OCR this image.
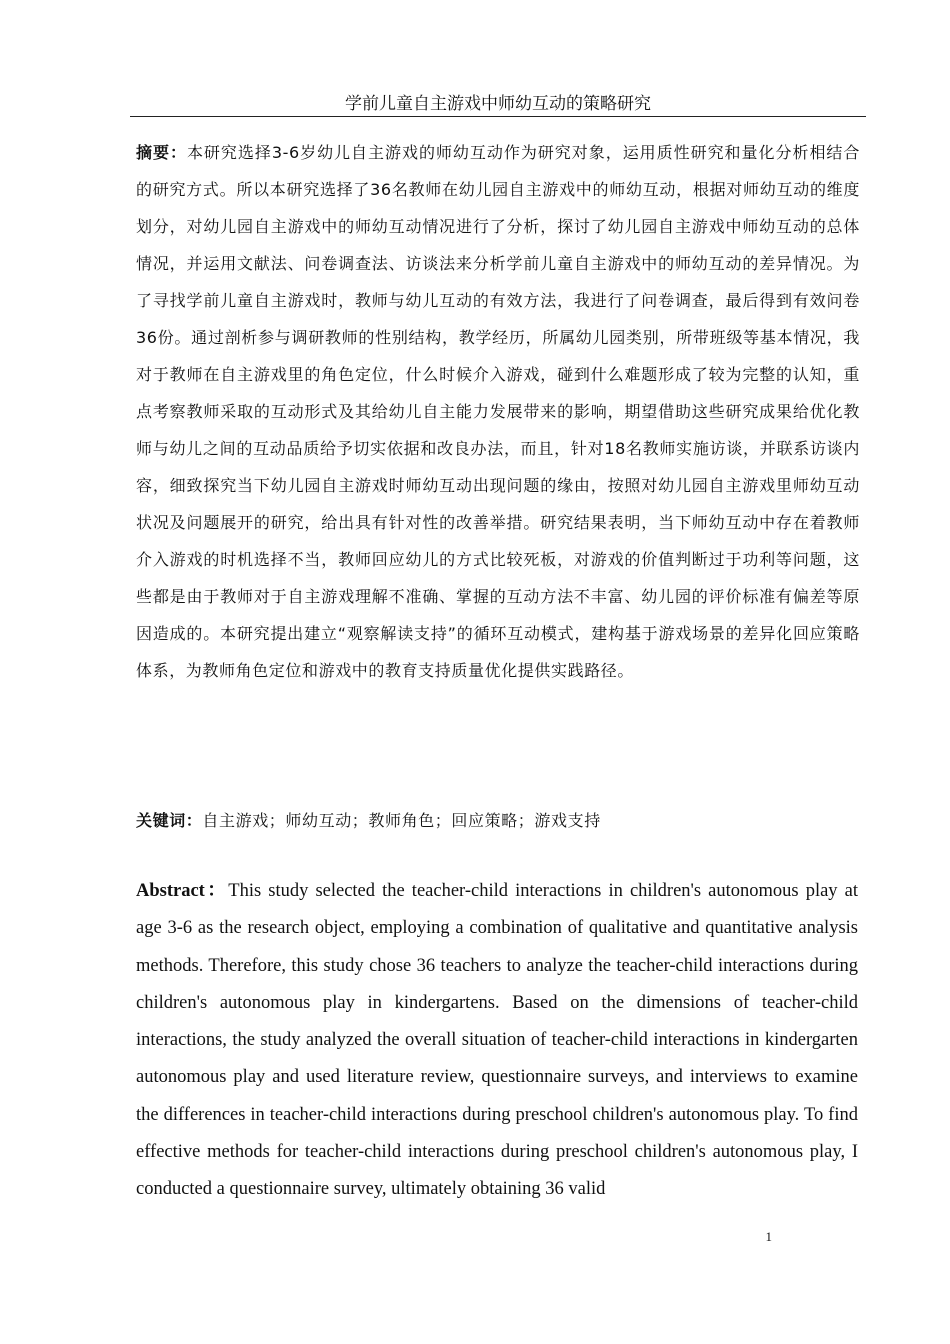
学前儿童自主游戏中师幼互动的策略研究

摘要：本研究选择3-6岁幼儿自主游戏的师幼互动作为研究对象，运用质性研究和量化分析相结合的研究方式。所以本研究选择了36名教师在幼儿园自主游戏中的师幼互动，根据对师幼互动的维度划分，对幼儿园自主游戏中的师幼互动情况进行了分析，探讨了幼儿园自主游戏中师幼互动的总体情况，并运用文献法、问卷调查法、访谈法来分析学前儿童自主游戏中的师幼互动的差异情况。为了寻找学前儿童自主游戏时，教师与幼儿互动的有效方法，我进行了问卷调查，最后得到有效问卷36份。通过剖析参与调研教师的性别结构，教学经历，所属幼儿园类别，所带班级等基本情况，我对于教师在自主游戏里的角色定位，什么时候介入游戏，碰到什么难题形成了较为完整的认知，重点考察教师采取的互动形式及其给幼儿自主能力发展带来的影响，期望借助这些研究成果给优化教师与幼儿之间的互动品质给予切实依据和改良办法，而且，针对18名教师实施访谈，并联系访谈内容，细致探究当下幼儿园自主游戏时师幼互动出现问题的缘由，按照对幼儿园自主游戏里师幼互动状况及问题展开的研究，给出具有针对性的改善举措。研究结果表明，当下师幼互动中存在着教师介入游戏的时机选择不当，教师回应幼儿的方式比较死板，对游戏的价值判断过于功利等问题，这些都是由于教师对于自主游戏理解不准确、掌握的互动方法不丰富、幼儿园的评价标准有偏差等原因造成的。本研究提出建立“观察解读支持”的循环互动模式，建构基于游戏场景的差异化回应策略体系，为教师角色定位和游戏中的教育支持质量优化提供实践路径。

关键词：自主游戏；师幼互动；教师角色；回应策略；游戏支持

Abstract：This study selected the teacher-child interactions in children's autonomous play at age 3-6 as the research object, employing a combination of qualitative and quantitative analysis methods. Therefore, this study chose 36 teachers to analyze the teacher-child interactions during children's autonomous play in kindergartens. Based on the dimensions of teacher-child interactions, the study analyzed the overall situation of teacher-child interactions in kindergarten autonomous play and used literature review, questionnaire surveys, and interviews to examine the differences in teacher-child interactions during preschool children's autonomous play. To find effective methods for teacher-child interactions during preschool children's autonomous play, I conducted a questionnaire survey, ultimately obtaining 36 valid

1
